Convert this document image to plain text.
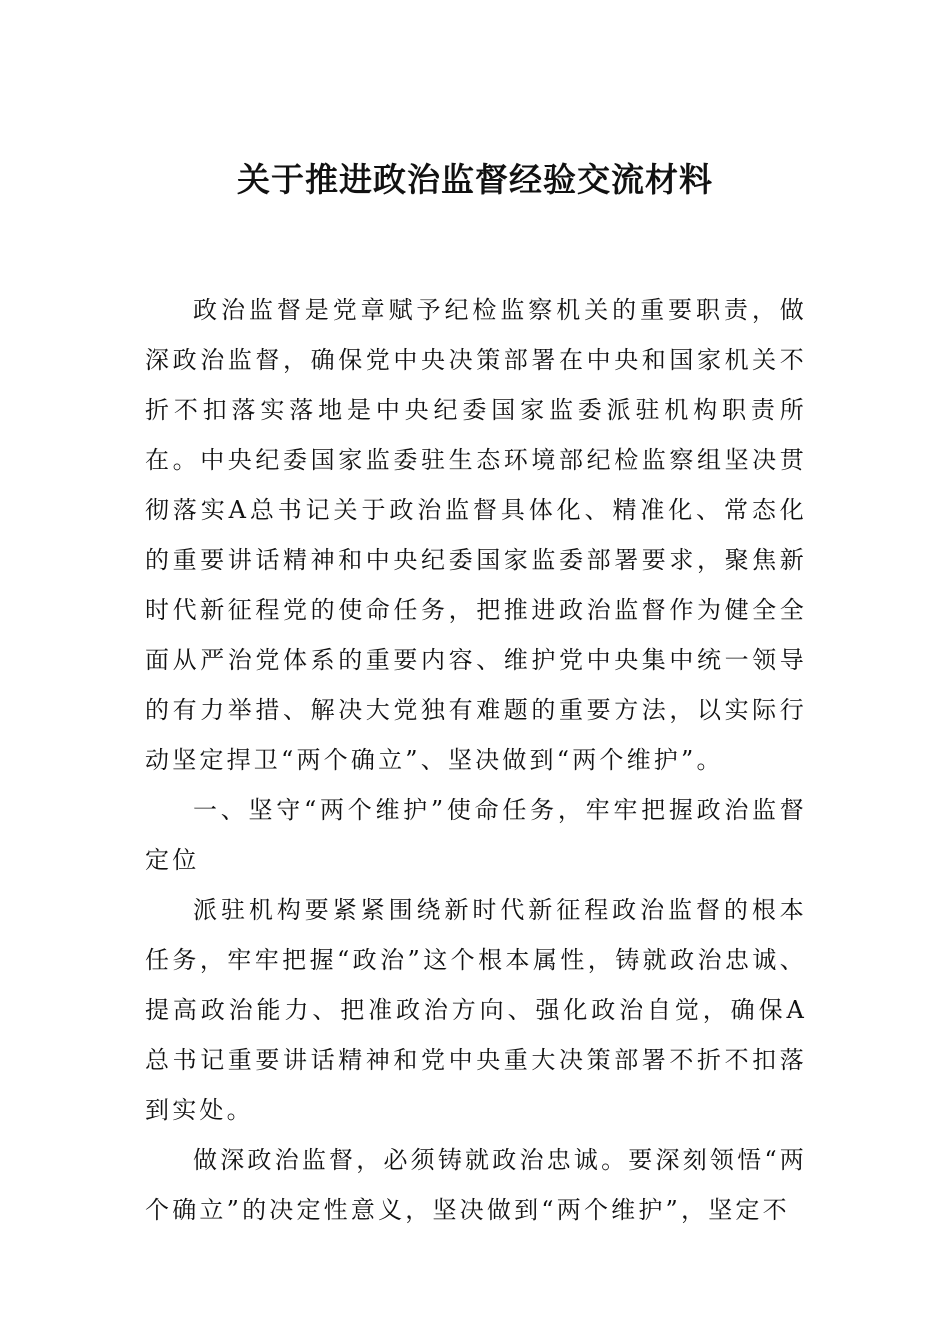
关于推进政治监督经验交流材料

政治监督是党章赋予纪检监察机关的重要职责，做深政治监督，确保党中央决策部署在中央和国家机关不折不扣落实落地是中央纪委国家监委派驻机构职责所在。中央纪委国家监委驻生态环境部纪检监察组坚决贯彻落实A总书记关于政治监督具体化、精准化、常态化的重要讲话精神和中央纪委国家监委部署要求，聚焦新时代新征程党的使命任务，把推进政治监督作为健全全面从严治党体系的重要内容、维护党中央集中统一领导的有力举措、解决大党独有难题的重要方法，以实际行动坚定捍卫“两个确立”、坚决做到“两个维护”。

一、坚守“两个维护”使命任务，牢牢把握政治监督定位

派驻机构要紧紧围绕新时代新征程政治监督的根本任务，牢牢把握“政治”这个根本属性，铸就政治忠诚、提高政治能力、把准政治方向、强化政治自觉，确保A总书记重要讲话精神和党中央重大决策部署不折不扣落到实处。

做深政治监督，必须铸就政治忠诚。要深刻领悟“两个确立”的决定性意义，坚决做到“两个维护”，坚定不
